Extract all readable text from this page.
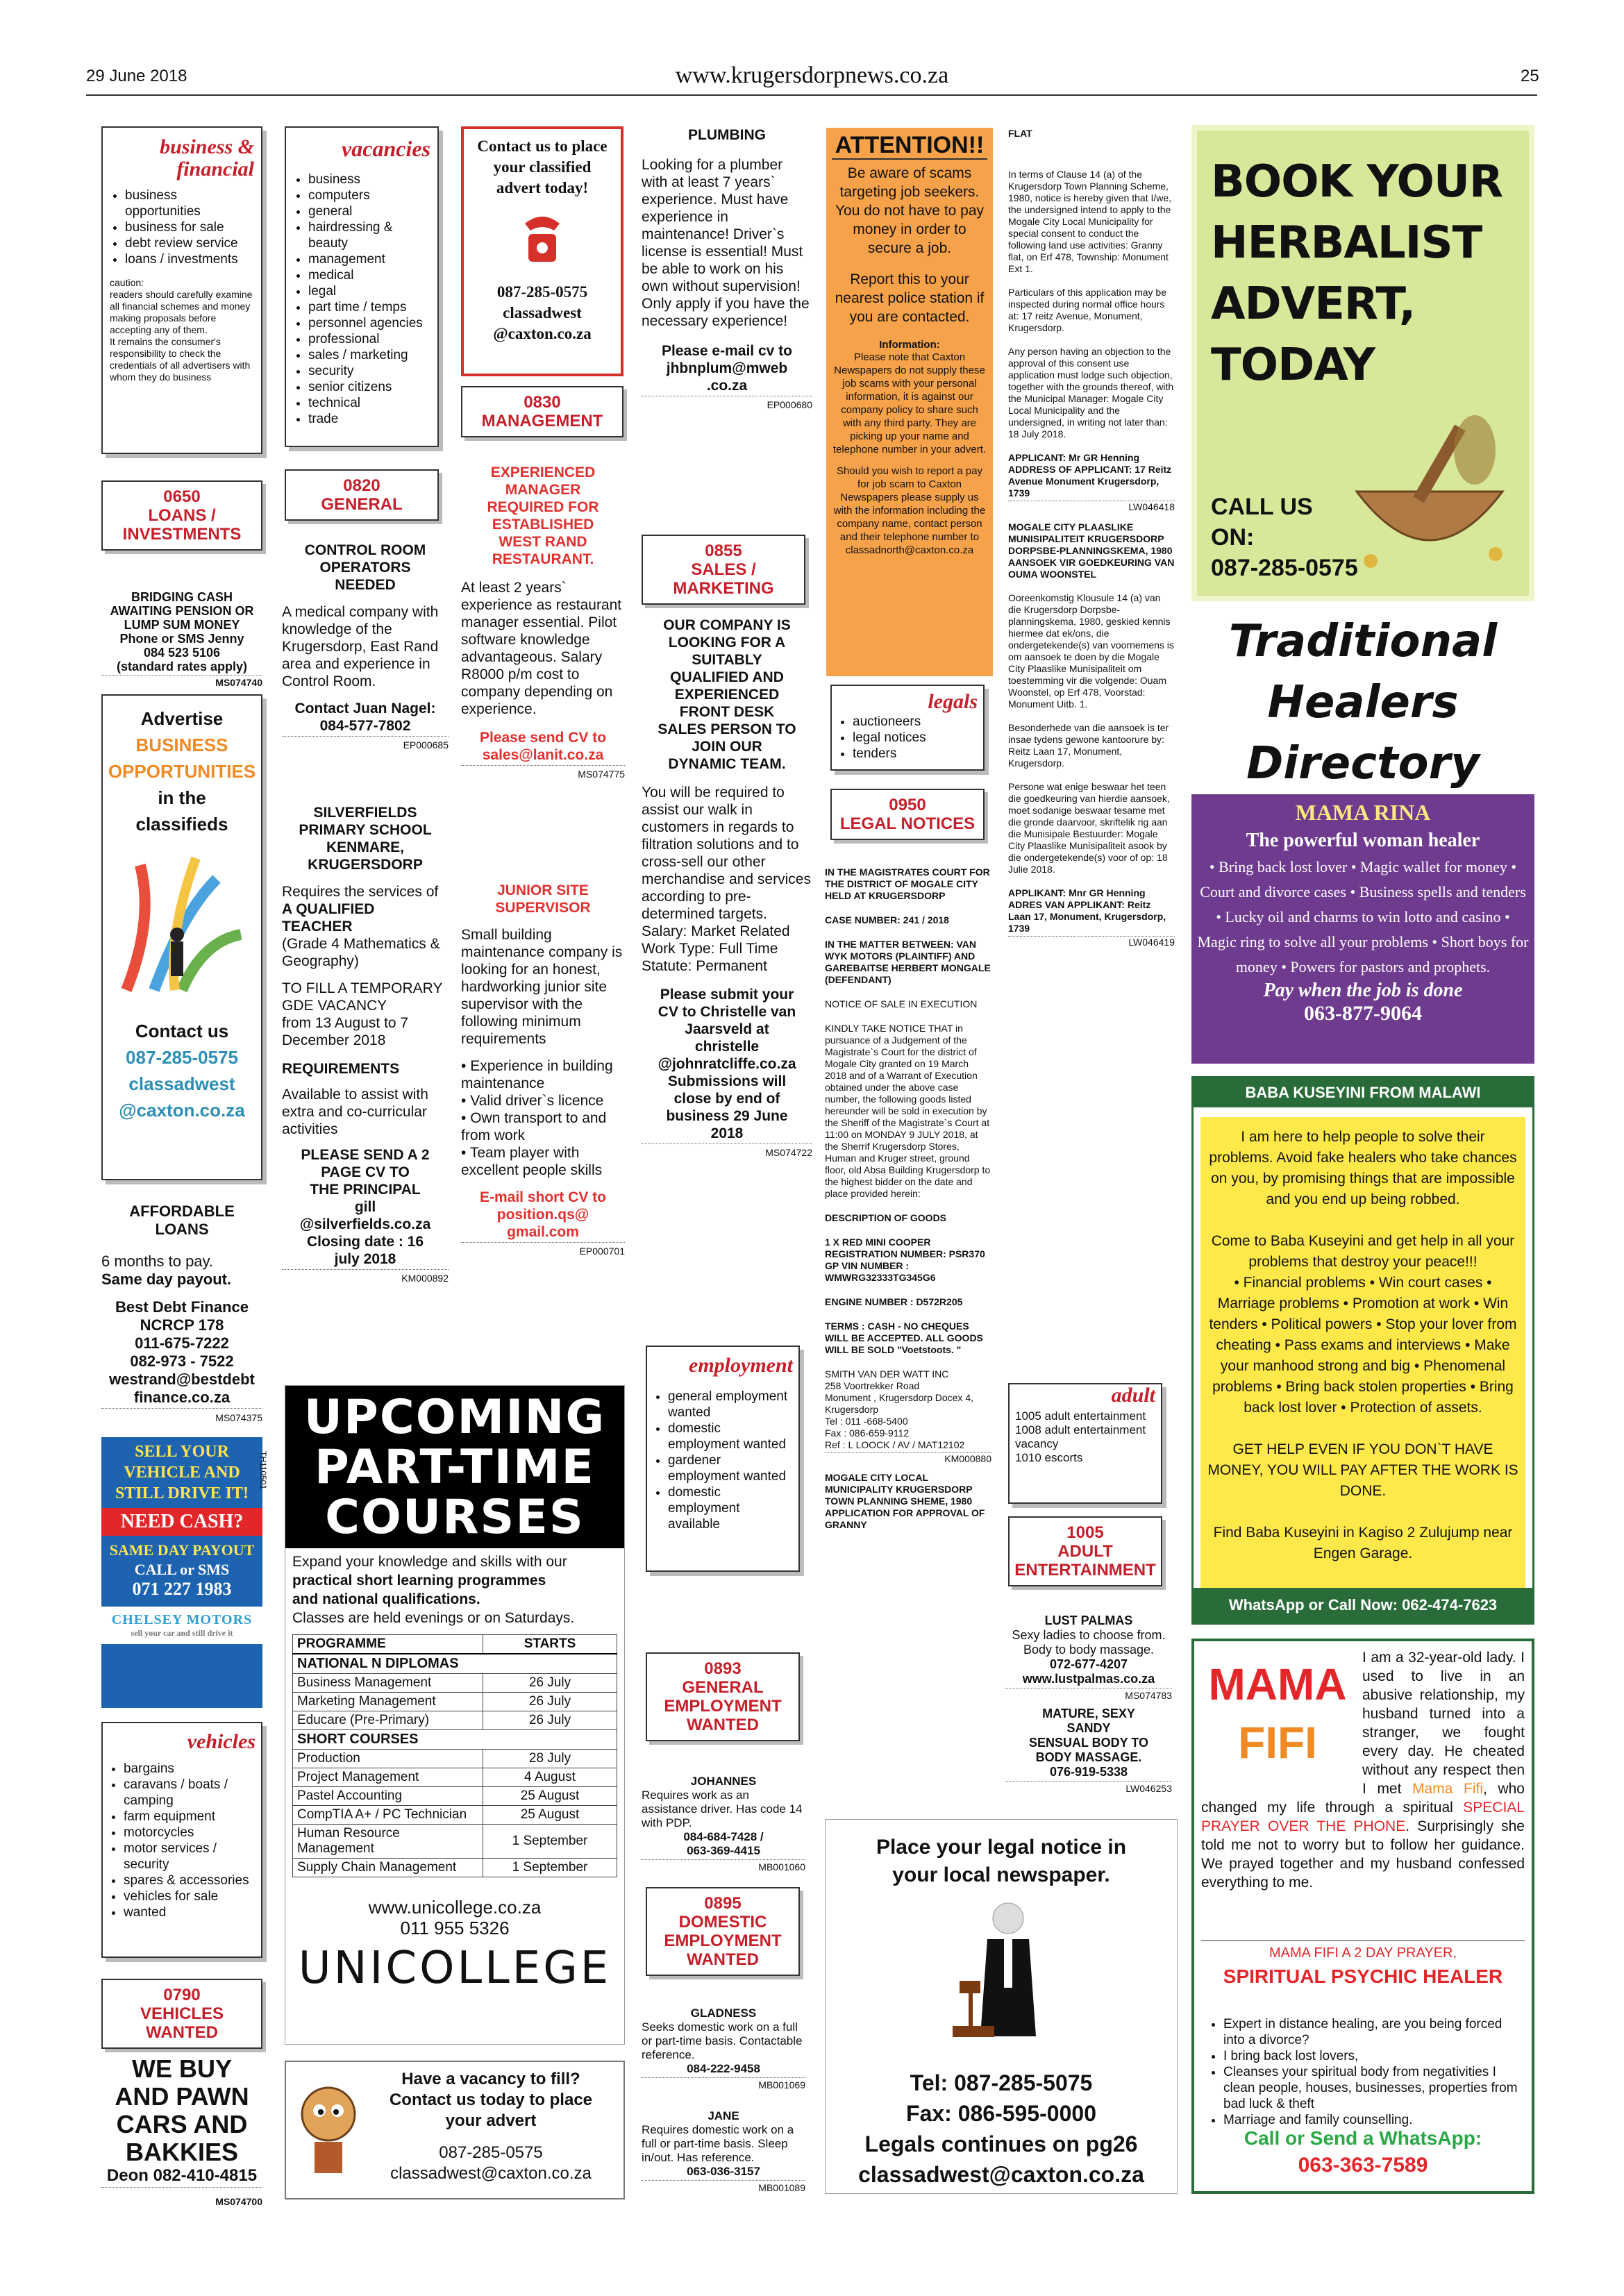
29 June 2018	www.krugersdorpnews.co.za	25
business &
financial
• business opportunities
• business for sale
• debt review service
• loans / investments
caution:
readers should carefully examine all financial schemes and money making proposals before accepting any of them.
It remains the consumer's responsibility to check the credentials of all advertisers with whom they do business
0650
LOANS / INVESTMENTS
BRIDGING CASH
AWAITING PENSION OR
LUMP SUM MONEY
Phone or SMS Jenny
084 523 5106
(standard rates apply)
MS074740
Advertise
BUSINESS
OPPORTUNITIES
in the
classifieds
Contact us
087-285-0575
classadwest
@caxton.co.za
AFFORDABLE
LOANS
6 months to pay.
Same day payout.
Best Debt Finance
NCRCP 178
011-675-7222
082-973 - 7522
westrand@bestdebt
finance.co.za
MS074375
SELL YOUR
VEHICLE AND
STILL DRIVE IT!
NEED CASH?
SAME DAY PAYOUT
CALL or SMS
071 227 1983
CHELSEY MOTORS
sell your car and still drive it
TH110501
vehicles
• bargains
• caravans / boats / camping
• farm equipment
• motorcycles
• motor services / security
• spares & accessories
• vehicles for sale
• wanted
0790
VEHICLES WANTED
WE BUY
AND PAWN
CARS AND
BAKKIES
Deon 082-410-4815
MS074700
vacancies
• business
• computers
• general
• hairdressing & beauty
• management
• medical
• legal
• part time / temps
• personnel agencies
• professional
• sales / marketing
• security
• senior citizens
• technical
• trade
0820
GENERAL
CONTROL ROOM
OPERATORS
NEEDED
A medical company with knowledge of the Krugersdorp, East Rand area and experience in Control Room.
Contact Juan Nagel:
084-577-7802
EP000685
SILVERFIELDS
PRIMARY SCHOOL
KENMARE,
KRUGERSDORP
Requires the services of
A QUALIFIED
TEACHER
(Grade 4 Mathematics & Geography)
TO FILL A TEMPORARY GDE VACANCY
from 13 August to 7 December 2018
REQUIREMENTS
Available to assist with extra and co-curricular activities
PLEASE SEND A 2
PAGE CV TO
THE PRINCIPAL
gill
@silverfields.co.za
Closing date : 16
july 2018
KM000892
UPCOMING
PART-TIME
COURSES
Expand your knowledge and skills with our
practical short learning programmes
and national qualifications.
Classes are held evenings or on Saturdays.
PROGRAMME	STARTS
NATIONAL N DIPLOMAS	
Business Management	26 July
Marketing Management	26 July
Educare (Pre-Primary)	26 July
SHORT COURSES	
Production	28 July
Project Management	4 August
Pastel Accounting	25 August
CompTIA A+ / PC Technician	25 August
Human Resource Management	1 September
Supply Chain Management	1 September
www.unicollege.co.za
011 955 5326
UNICOLLEGE
Have a vacancy to fill?
Contact us today to place
your advert
087-285-0575
classadwest@caxton.co.za
Contact us to place
your classified
advert today!
087-285-0575
classadwest
@caxton.co.za
0830
MANAGEMENT
EXPERIENCED
MANAGER
REQUIRED FOR
ESTABLISHED
WEST RAND
RESTAURANT.
At least 2 years` experience as restaurant manager essential. Pilot software knowledge advantageous. Salary R8000 p/m cost to company depending on experience.
Please send CV to
sales@lanit.co.za
MS074775
JUNIOR SITE
SUPERVISOR
Small building maintenance company is looking for an honest, hardworking junior site supervisor with the following minimum requirements
• Experience in building maintenance
• Valid driver`s licence
• Own transport to and from work
• Team player with excellent people skills
E-mail short CV to
position.qs@
gmail.com
EP000701
PLUMBING
Looking for a plumber with at least 7 years` experience. Must have experience in maintenance! Driver`s license is essential! Must be able to work on his own without supervision! Only apply if you have the necessary experience!
Please e-mail cv to
jhbnplum@mweb
.co.za
EP000680
0855
SALES / MARKETING
OUR COMPANY IS
LOOKING FOR A
SUITABLY
QUALIFIED AND
EXPERIENCED
FRONT DESK
SALES PERSON TO
JOIN OUR
DYNAMIC TEAM.
You will be required to assist our walk in customers in regards to filtration solutions and to cross-sell our other merchandise and services according to pre-determined targets.
Salary: Market Related
Work Type: Full Time
Statute: Permanent
Please submit your
CV to Christelle van
Jaarsveld at
christelle
@johnratcliffe.co.za
Submissions will
close by end of
business 29 June
2018
MS074722
employment
• general employment wanted
• domestic employment wanted
• gardener employment wanted
• domestic employment available
0893
GENERAL
EMPLOYMENT
WANTED
JOHANNES
Requires work as an assistance driver. Has code 14 with PDP.
084-684-7428 /
063-369-4415
MB001060
0895
DOMESTIC
EMPLOYMENT
WANTED
GLADNESS
Seeks domestic work on a full or part-time basis. Contactable reference.
084-222-9458
MB001069
JANE
Requires domestic work on a full or part-time basis. Sleep in/out. Has reference.
063-036-3157
MB001089
ATTENTION!!
Be aware of scams targeting job seekers. You do not have to pay money in order to secure a job.
Report this to your nearest police station if you are contacted.
Information:
Please note that Caxton Newspapers do not supply these job scams with your personal information, it is against our company policy to share such with any third party. They are picking up your name and telephone number in your advert.
Should you wish to report a pay for job scam to Caxton Newspapers please supply us with the information including the company name, contact person and their telephone number to classadnorth@caxton.co.za
legals
• auctioneers
• legal notices
• tenders
0950
LEGAL NOTICES
IN THE MAGISTRATES COURT FOR THE DISTRICT OF MOGALE CITY HELD AT KRUGERSDORP
CASE NUMBER: 241 / 2018
IN THE MATTER BETWEEN: VAN WYK MOTORS (PLAINTIFF) AND GAREBAITSE HERBERT MONGALE (DEFENDANT)
NOTICE OF SALE IN EXECUTION
KINDLY TAKE NOTICE THAT in pursuance of a Judgement of the Magistrate`s Court for the district of Mogale City granted on 19 March 2018 and of a Warrant of Execution obtained under the above case number, the following goods listed hereunder will be sold in execution by the Sheriff of the Magistrate`s Court at 11:00 on MONDAY 9 JULY 2018, at the Sherrif Krugersdorp Stores, Human and Kruger street, ground floor, old Absa Building Krugersdorp to the highest bidder on the date and place provided herein:
DESCRIPTION OF GOODS
1 X RED MINI COOPER REGISTRATION NUMBER: PSR370 GP VIN NUMBER : WMWRG32333TG345G6
ENGINE NUMBER : D572R205
TERMS : CASH - NO CHEQUES WILL BE ACCEPTED. ALL GOODS WILL BE SOLD "Voetstoots. "
SMITH VAN DER WATT INC
258 Voortrekker Road
Monument , Krugersdorp Docex 4, Krugersdorp
Tel : 011 -668-5400
Fax : 086-659-9112
Ref : L LOOCK / AV / MAT12102
KM000880
MOGALE CITY LOCAL MUNICIPALITY KRUGERSDORP TOWN PLANNING SHEME, 1980 APPLICATION FOR APPROVAL OF GRANNY
Place your legal notice in
your local newspaper.
Tel: 087-285-5075
Fax: 086-595-0000
Legals continues on pg26
classadwest@caxton.co.za
FLAT
In terms of Clause 14 (a) of the Krugersdorp Town Planning Scheme, 1980, notice is hereby given that I/we, the undersigned intend to apply to the Mogale City Local Municipality for special consent to conduct the following land use activities: Granny flat, on Erf 478, Township: Monument Ext 1.
Particulars of this application may be inspected during normal office hours at: 17 reitz Avenue, Monument, Krugersdorp.
Any person having an objection to the approval of this consent use application must lodge such objection, together with the grounds thereof, with the Municipal Manager: Mogale City Local Municipality and the undersigned, in writing not later than: 18 July 2018.
APPLICANT: Mr GR Henning ADDRESS OF APPLICANT: 17 Reitz Avenue Monument Krugersdorp, 1739
LW046418
MOGALE CITY PLAASLIKE MUNISIPALITEIT KRUGERSDORP DORPSBE-PLANNINGSKEMA, 1980 AANSOEK VIR GOEDKEURING VAN OUMA WOONSTEL
Ooreenkomstig Klousule 14 (a) van die Krugersdorp Dorpsbe-planningskema, 1980, geskied kennis hiermee dat ek/ons, die ondergetekende(s) van voornemens is om aansoek te doen by die Mogale City Plaaslike Munisipaliteit om toestemming vir die volgende: Ouam Woonstel, op Erf 478, Voorstad: Monument Uitb. 1.
Besonderhede van die aansoek is ter insae tydens gewone kantoorure by: Reitz Laan 17, Monument, Krugersdorp.
Persone wat enige beswaar het teen die goedkeuring van hierdie aansoek, moet sodanige beswaar tesame met die gronde daarvoor, skriftelik rig aan die Munisipale Bestuurder: Mogale City Plaaslike Munisipaliteit asook by die ondergetekende(s) voor of op: 18 Julie 2018.
APPLIKANT: Mnr GR Henning ADRES VAN APPLIKANT: Reitz Laan 17, Monument, Krugersdorp, 1739
LW046419
adult
1005 adult entertainment
1008 adult entertainment vacancy
1010 escorts
1005
ADULT
ENTERTAINMENT
LUST PALMAS
Sexy ladies to choose from. Body to body massage.
072-677-4207
www.lustpalmas.co.za
MS074783
MATURE, SEXY
SANDY
SENSUAL BODY TO
BODY MASSAGE.
076-919-5338
LW046253
BOOK YOUR
HERBALIST
ADVERT,
TODAY
CALL US
ON:
087-285-0575
Traditional
Healers
Directory
MAMA RINA
The powerful woman healer
• Bring back lost lover • Magic wallet for money • Court and divorce cases • Business spells and tenders • Lucky oil and charms to win lotto and casino • Magic ring to solve all your problems • Short boys for money • Powers for pastors and prophets.
Pay when the job is done
063-877-9064
BABA KUSEYINI FROM MALAWI
I am here to help people to solve their problems. Avoid fake healers who take chances on you, by promising things that are impossible and you end up being robbed.
Come to Baba Kuseyini and get help in all your problems that destroy your peace!!!
• Financial problems • Win court cases • Marriage problems • Promotion at work • Win tenders • Political powers • Stop your lover from cheating • Pass exams and interviews • Make your manhood strong and big • Phenomenal problems • Bring back stolen properties • Bring back lost lover • Protection of assets.
GET HELP EVEN IF YOU DON`T HAVE MONEY, YOU WILL PAY AFTER THE WORK IS DONE.
Find Baba Kuseyini in Kagiso 2 Zulujump near Engen Garage.
WhatsApp or Call Now: 062-474-7623
MAMA
FIFI
I am a 32-year-old lady. I used to live in an abusive relationship, my husband turned into a stranger, we fought every day. He cheated without any respect then I met Mama Fifi, who changed my life through a spiritual SPECIAL PRAYER OVER THE PHONE. Surprisingly she told me not to worry but to follow her guidance. We prayed together and my husband confessed everything to me.
MAMA FIFI A 2 DAY PRAYER,
SPIRITUAL PSYCHIC HEALER
• Expert in distance healing, are you being forced into a divorce?
• I bring back lost lovers,
• Cleanses your spiritual body from negativities I clean people, houses, businesses, properties from bad luck & theft
• Marriage and family counselling.
Call or Send a WhatsApp:
063-363-7589
